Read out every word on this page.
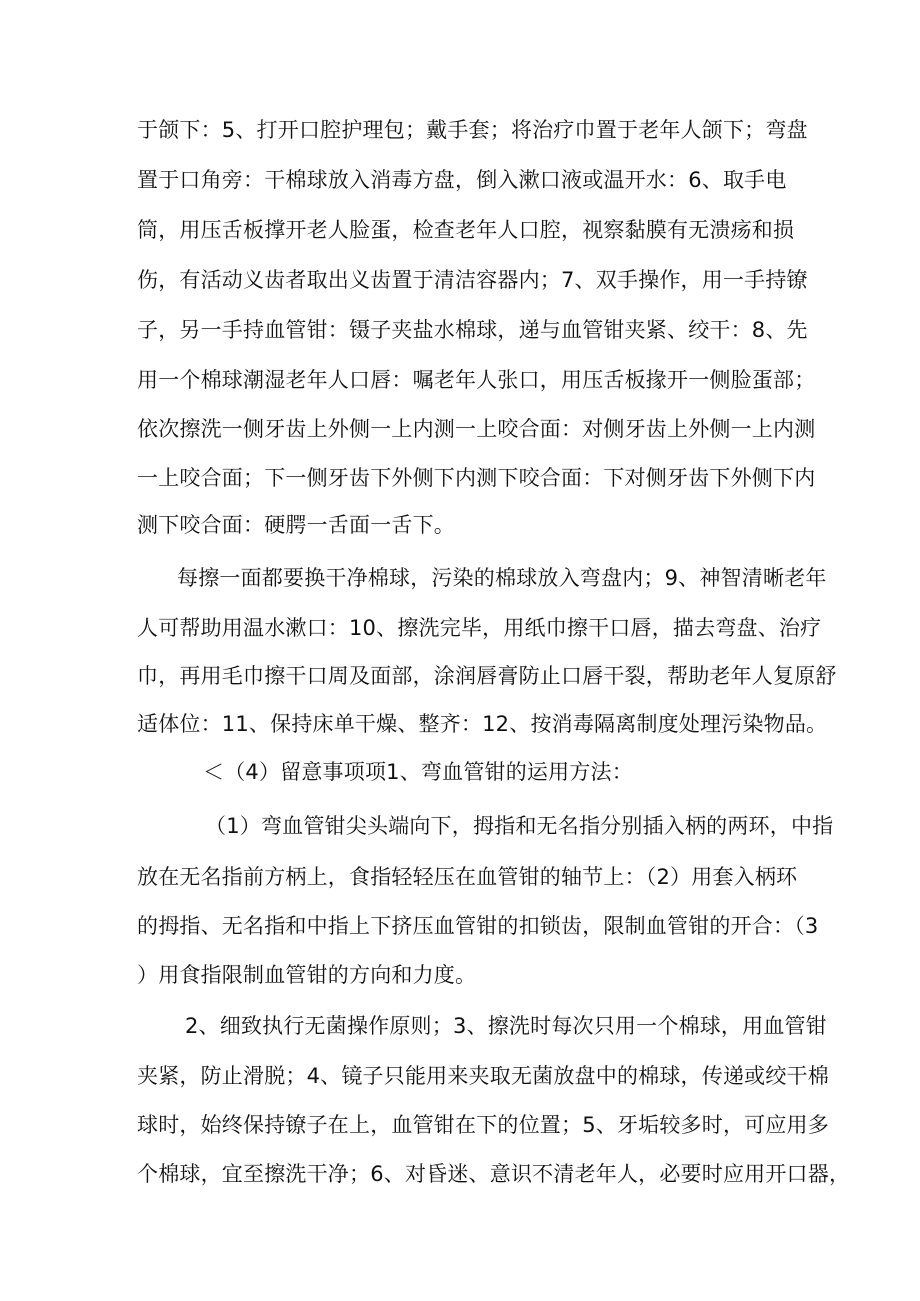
于颌下：5、打开口腔护理包；戴手套；将治疗巾置于老年人颌下；弯盘
置于口角旁：干棉球放入消毒方盘，倒入漱口液或温开水：6、取手电
筒，用压舌板撑开老人脸蛋，检查老年人口腔，视察黏膜有无溃疡和损
伤，有活动义齿者取出义齿置于清洁容器内；7、双手操作，用一手持镣
子，另一手持血管钳：镊子夹盐水棉球，递与血管钳夹紧、绞干：8、先
用一个棉球潮湿老年人口唇：嘱老年人张口，用压舌板掾开一侧脸蛋部；
依次擦洗一侧牙齿上外侧一上内测一上咬合面：对侧牙齿上外侧一上内测
一上咬合面；下一侧牙齿下外侧下内测下咬合面：下对侧牙齿下外侧下内
测下咬合面：硬腭一舌面一舌下。
每擦一面都要换干净棉球，污染的棉球放入弯盘内；9、神智清晰老年
人可帮助用温水漱口：10、擦洗完毕，用纸巾擦干口唇，描去弯盘、治疗
巾，再用毛巾擦干口周及面部，涂润唇膏防止口唇干裂，帮助老年人复原舒
适体位：11、保持床单干燥、整齐：12、按消毒隔离制度处理污染物品。
＜（4）留意事项项1、弯血管钳的运用方法：
（1）弯血管钳尖头端向下，拇指和无名指分别插入柄的两环，中指
放在无名指前方柄上，食指轻轻压在血管钳的轴节上：（2）用套入柄环
的拇指、无名指和中指上下挤压血管钳的扣锁齿，限制血管钳的开合：（3
）用食指限制血管钳的方向和力度。
2、细致执行无菌操作原则；3、擦洗时每次只用一个棉球，用血管钳
夹紧，防止滑脱；4、镜子只能用来夹取无菌放盘中的棉球，传递或绞干棉
球时，始终保持镣子在上，血管钳在下的位置；5、牙垢较多时，可应用多
个棉球，宜至擦洗干净；6、对昏迷、意识不清老年人，必要时应用开口器，
